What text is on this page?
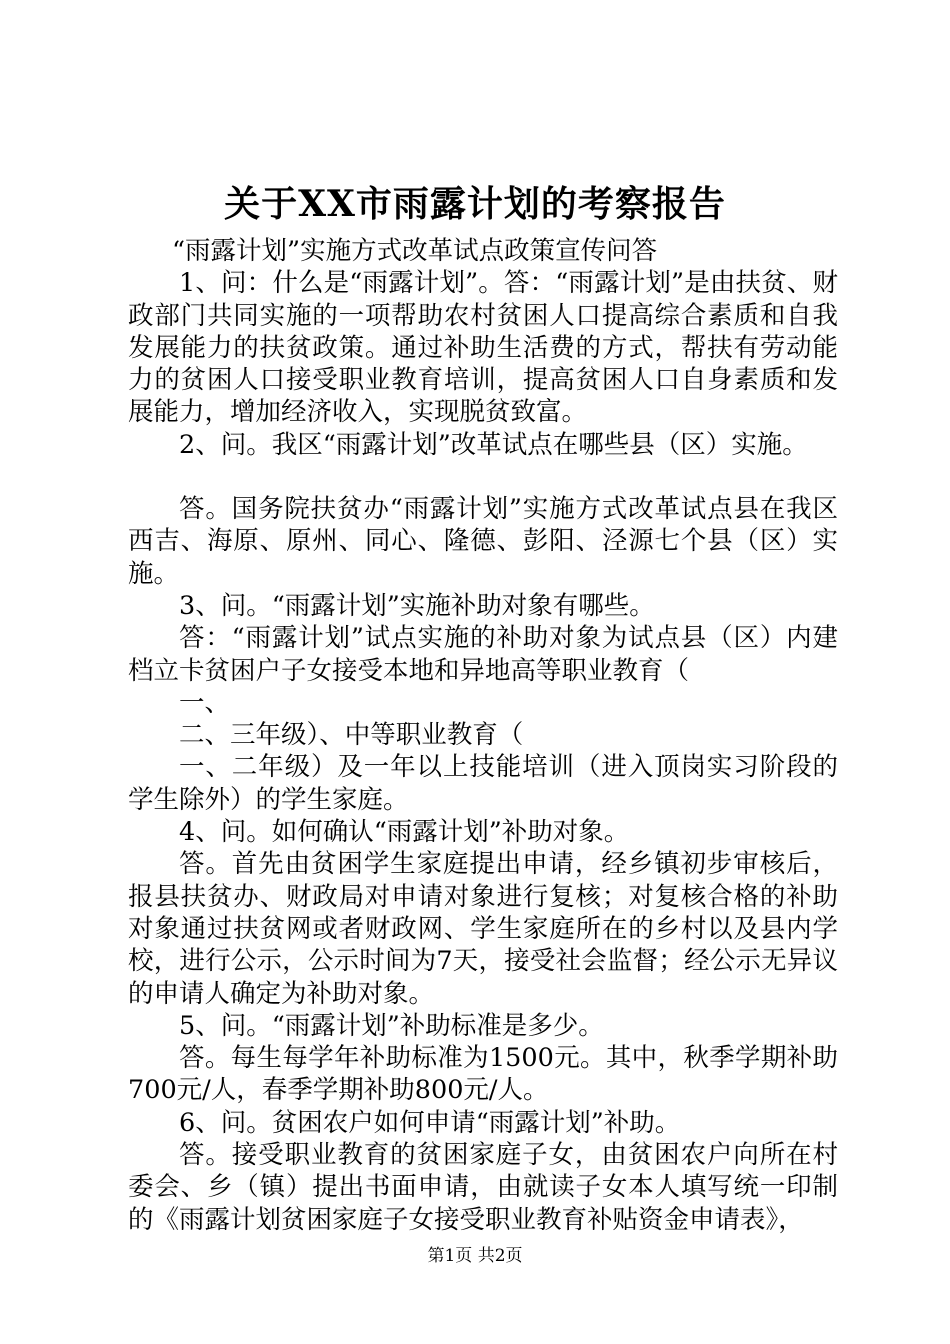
关于XX市雨露计划的考察报告

“雨露计划”实施方式改革试点政策宣传问答

1、问：什么是“雨露计划”。答：“雨露计划”是由扶贫、财政部门共同实施的一项帮助农村贫困人口提高综合素质和自我发展能力的扶贫政策。通过补助生活费的方式，帮扶有劳动能力的贫困人口接受职业教育培训，提高贫困人口自身素质和发展能力，增加经济收入，实现脱贫致富。

2、问。我区“雨露计划”改革试点在哪些县（区）实施。

答。国务院扶贫办“雨露计划”实施方式改革试点县在我区西吉、海原、原州、同心、隆德、彭阳、泾源七个县（区）实施。

3、问。“雨露计划”实施补助对象有哪些。

答：“雨露计划”试点实施的补助对象为试点县（区）内建档立卡贫困户子女接受本地和异地高等职业教育（

一、

二、三年级）、中等职业教育（

一、二年级）及一年以上技能培训（进入顶岗实习阶段的学生除外）的学生家庭。

4、问。如何确认“雨露计划”补助对象。

答。首先由贫困学生家庭提出申请，经乡镇初步审核后，报县扶贫办、财政局对申请对象进行复核；对复核合格的补助对象通过扶贫网或者财政网、学生家庭所在的乡村以及县内学校，进行公示，公示时间为7天，接受社会监督；经公示无异议的申请人确定为补助对象。

5、问。“雨露计划”补助标准是多少。

答。每生每学年补助标准为1500元。其中，秋季学期补助700元/人，春季学期补助800元/人。

6、问。贫困农户如何申请“雨露计划”补助。

答。接受职业教育的贫困家庭子女，由贫困农户向所在村委会、乡（镇）提出书面申请，由就读子女本人填写统一印制的《雨露计划贫困家庭子女接受职业教育补贴资金申请表》，

第1页 共2页
